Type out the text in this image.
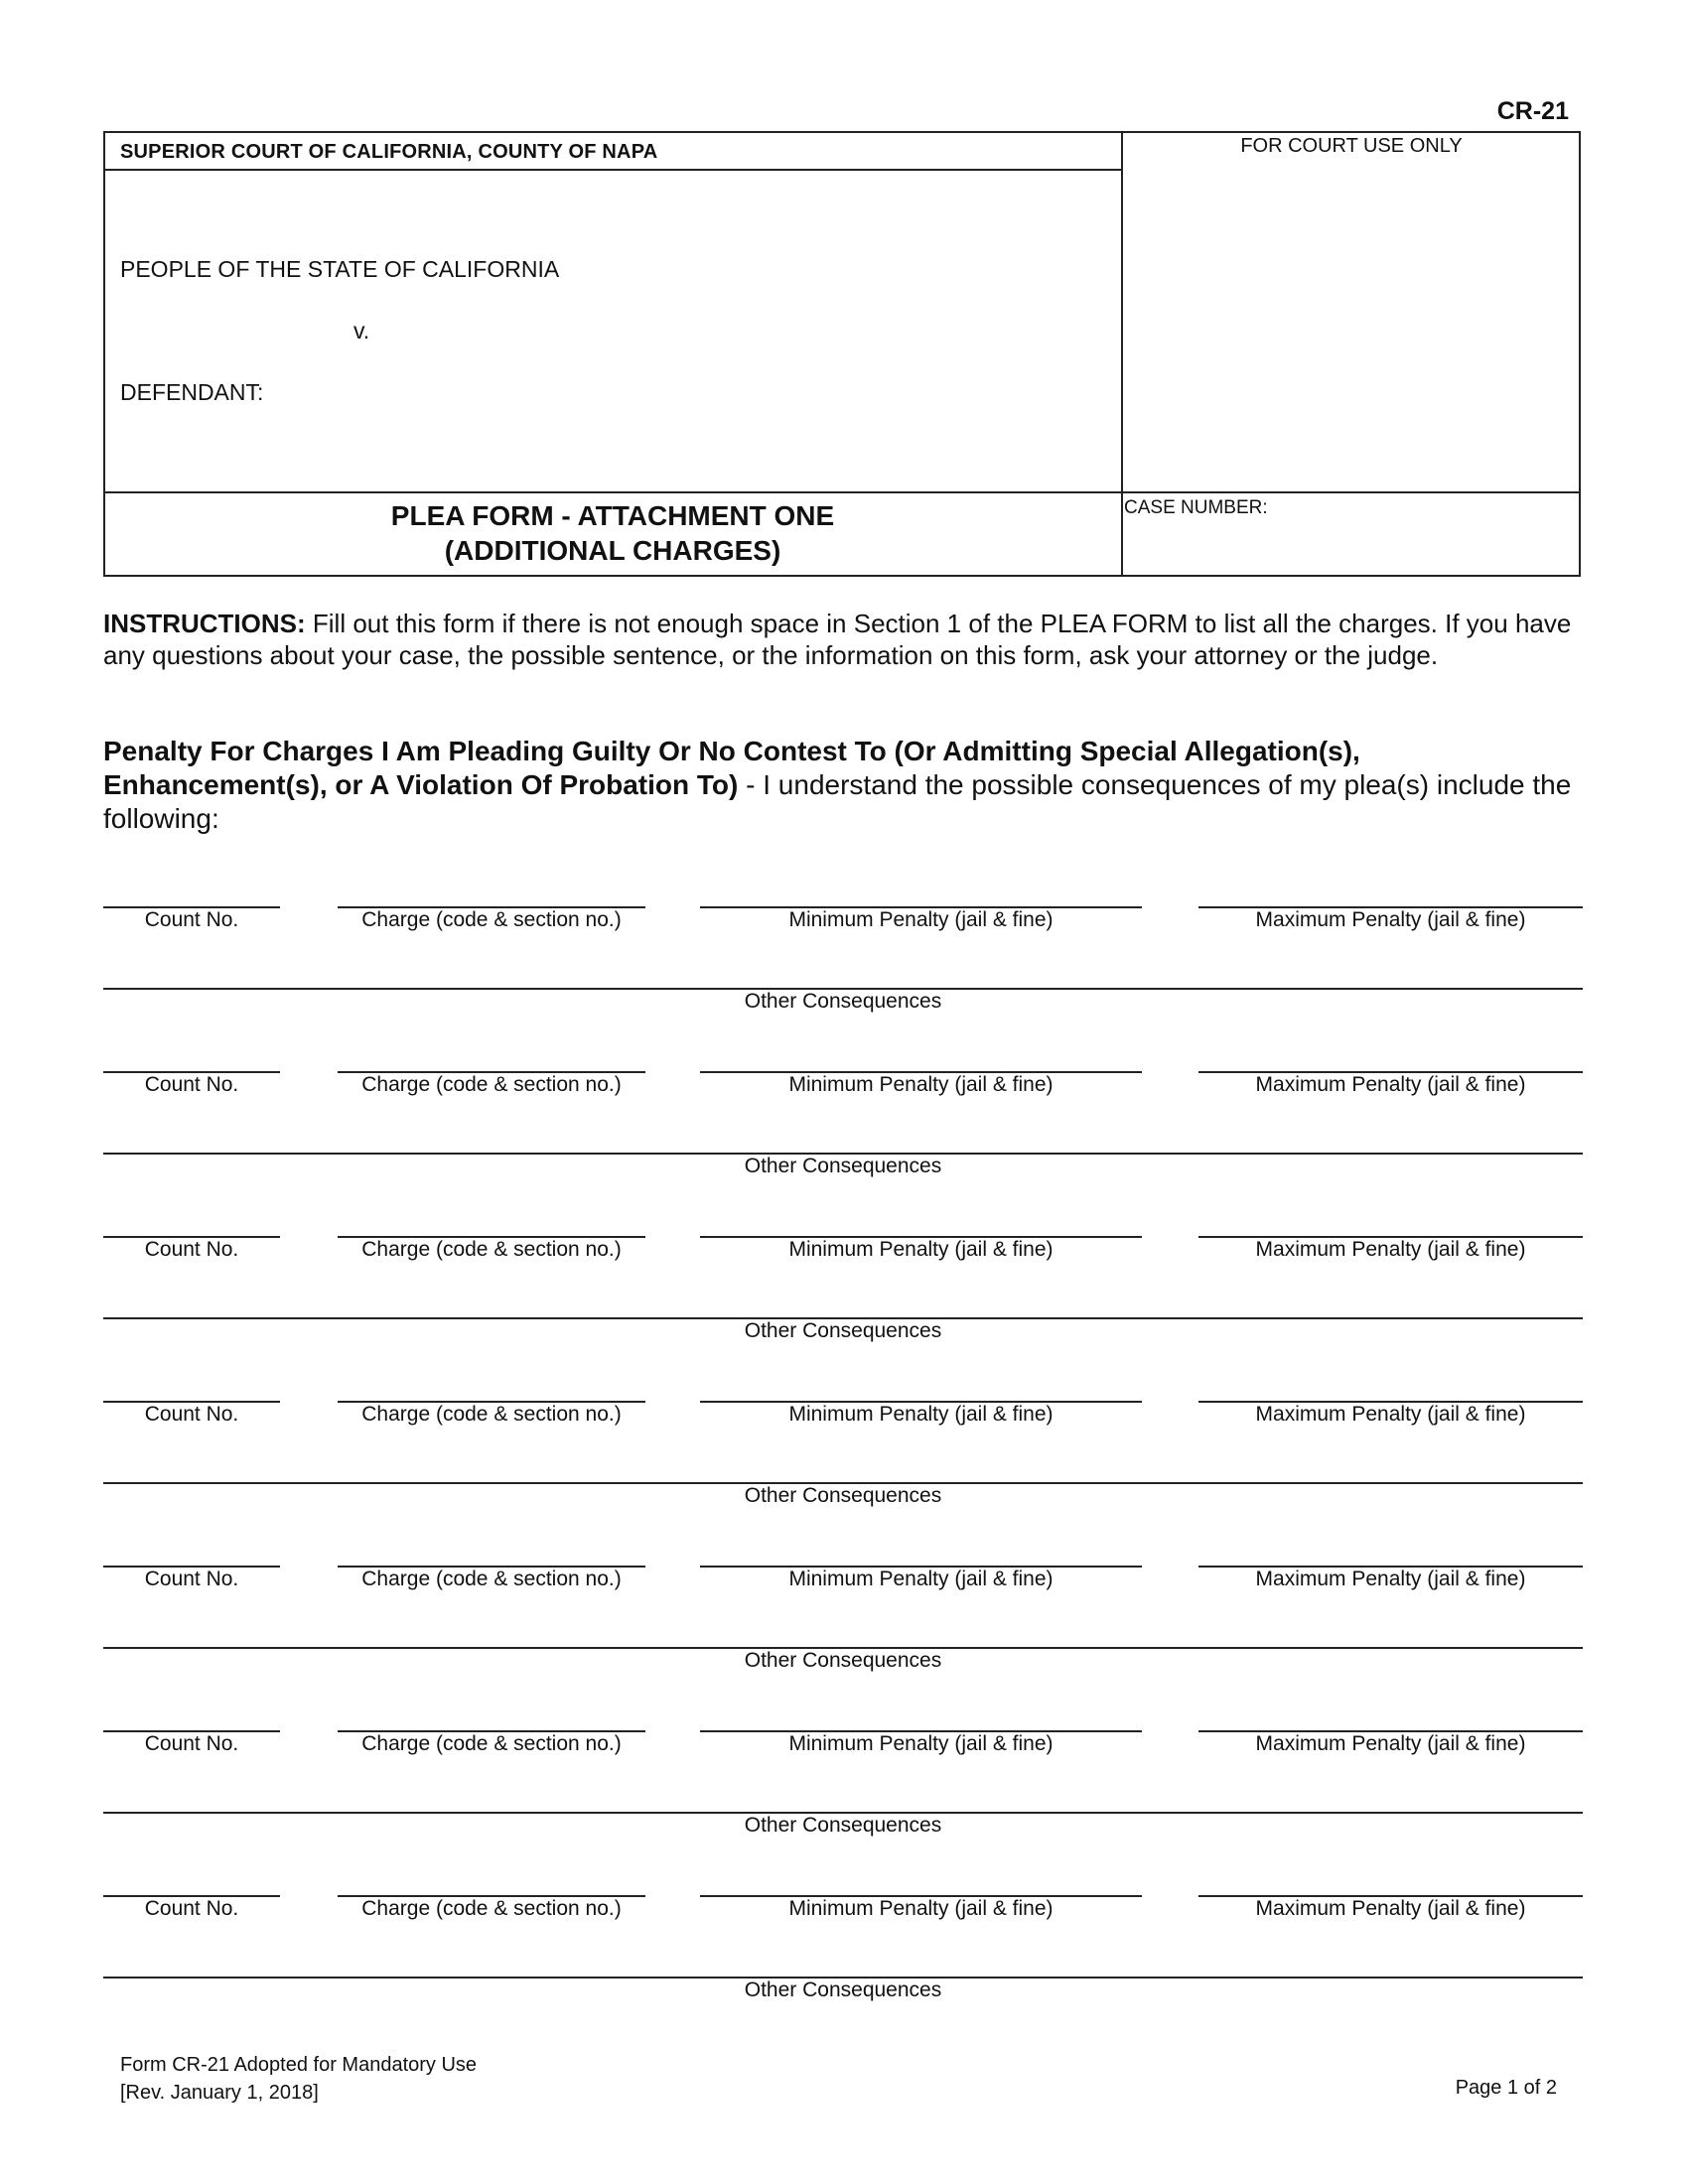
CR-21
SUPERIOR COURT OF CALIFORNIA, COUNTY OF NAPA	FOR COURT USE ONLY
PEOPLE OF THE STATE OF CALIFORNIA
v.
DEFENDANT:
PLEA FORM - ATTACHMENT ONE
(ADDITIONAL CHARGES)
CASE NUMBER:
INSTRUCTIONS: Fill out this form if there is not enough space in Section 1 of the PLEA FORM to list all the charges. If you have any questions about your case, the possible sentence, or the information on this form, ask your attorney or the judge.
Penalty For Charges I Am Pleading Guilty Or No Contest To (Or Admitting Special Allegation(s), Enhancement(s), or A Violation Of Probation To) - I understand the possible consequences of my plea(s) include the following:
Count No.	Charge (code & section no.)	Minimum Penalty (jail & fine)	Maximum Penalty (jail & fine)
Other Consequences
Count No.	Charge (code & section no.)	Minimum Penalty (jail & fine)	Maximum Penalty (jail & fine)
Other Consequences
Count No.	Charge (code & section no.)	Minimum Penalty (jail & fine)	Maximum Penalty (jail & fine)
Other Consequences
Count No.	Charge (code & section no.)	Minimum Penalty (jail & fine)	Maximum Penalty (jail & fine)
Other Consequences
Count No.	Charge (code & section no.)	Minimum Penalty (jail & fine)	Maximum Penalty (jail & fine)
Other Consequences
Count No.	Charge (code & section no.)	Minimum Penalty (jail & fine)	Maximum Penalty (jail & fine)
Other Consequences
Count No.	Charge (code & section no.)	Minimum Penalty (jail & fine)	Maximum Penalty (jail & fine)
Other Consequences
Form CR-21 Adopted for Mandatory Use
[Rev. January 1, 2018]	Page 1 of 2
